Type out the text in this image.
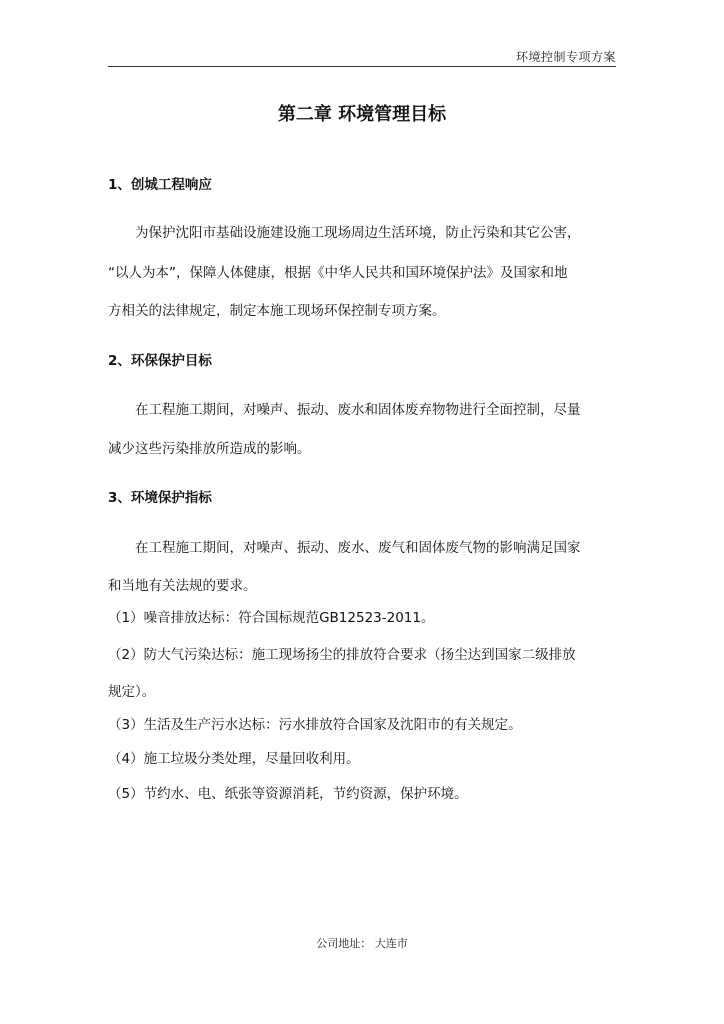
环境控制专项方案
第二章 环境管理目标
1、创城工程响应
为保护沈阳市基础设施建设施工现场周边生活环境，防止污染和其它公害，
“以人为本”，保障人体健康，根据《中华人民共和国环境保护法》及国家和地
方相关的法律规定，制定本施工现场环保控制专项方案。
2、环保保护目标
在工程施工期间，对噪声、振动、废水和固体废弃物物进行全面控制，尽量
减少这些污染排放所造成的影响。
3、环境保护指标
在工程施工期间，对噪声、振动、废水、废气和固体废气物的影响满足国家
和当地有关法规的要求。
（1）噪音排放达标：符合国标规范GB12523-2011。
（2）防大气污染达标：施工现场扬尘的排放符合要求（扬尘达到国家二级排放
规定）。
（3）生活及生产污水达标：污水排放符合国家及沈阳市的有关规定。
（4）施工垃圾分类处理，尽量回收利用。
（5）节约水、电、纸张等资源消耗，节约资源，保护环境。
公司地址： 大连市
